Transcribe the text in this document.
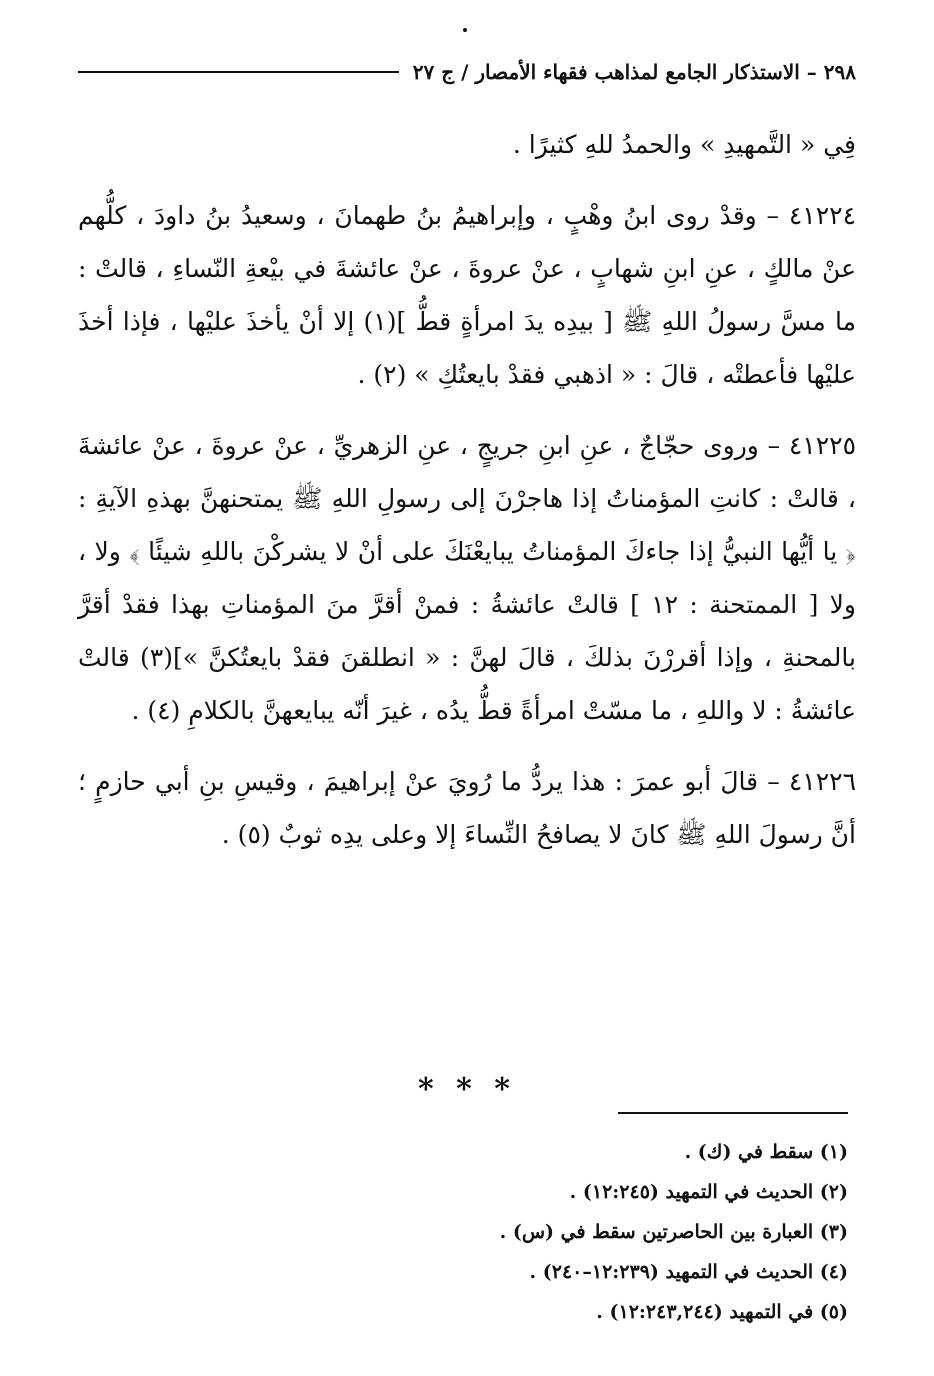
٢٩٨ – الاستذكار الجامع لمذاهب فقهاء الأمصار / ج ٢٧

فِي « التَّمهيدِ » والحمدُ للهِ كثيرًا .

٤١٢٢٤ – وقدْ روى ابنُ وهْبٍ ، وإبراهيمُ بنُ طهمانَ ، وسعيدُ بنُ داودَ ، كلُّهم عنْ مالكٍ ، عنِ ابنِ شهابٍ ، عنْ عروةَ ، عنْ عائشةَ في بيْعةِ النّساءِ ، قالتْ : ما مسَّ رسولُ اللهِ ﷺ [ بيدِه يدَ امرأةٍ قطُّ ](١) إلا أنْ يأخذَ عليْها ، فإذا أخذَ عليْها فأعطتْه ، قالَ : « اذهبي فقدْ بايعتُكِ » (٢) .

٤١٢٢٥ – وروى حجّاجٌ ، عنِ ابنِ جريجٍ ، عنِ الزهريِّ ، عنْ عروةَ ، عنْ عائشةَ ، قالتْ : كانتِ المؤمناتُ إذا هاجرْنَ إلى رسولِ اللهِ ﷺ يمتحنهنَّ بهذهِ الآيةِ : ﴿ يا أيُّها النبيُّ إذا جاءكَ المؤمناتُ يبايعْنَكَ على أنْ لا يشركْنَ باللهِ شيئًا ﴾ ولا ، ولا [ الممتحنة : ١٢ ] قالتْ عائشةُ : فمنْ أقرَّ منَ المؤمناتِ بهذا فقدْ أقرَّ بالمحنةِ ، وإذا أقررْنَ بذلكَ ، قالَ لهنَّ : « انطلقنَ فقدْ بايعتُكنَّ »](٣) قالتْ عائشةُ : لا واللهِ ، ما مسّتْ امرأةً قطُّ يدُه ، غيرَ أنّه يبايعهنَّ بالكلامِ (٤) .

٤١٢٢٦ – قالَ أبو عمرَ : هذا يردُّ ما رُويَ عنْ إبراهيمَ ، وقيسِ بنِ أبي حازمٍ ؛ أنَّ رسولَ اللهِ ﷺ كانَ لا يصافحُ النِّساءَ إلا وعلى يدِه ثوبٌ (٥) .

* * *

(١) سقط في (ك) .

(٢) الحديث في التمهيد (١٢:٢٤٥) .

(٣) العبارة بين الحاصرتين سقط في (س) .

(٤) الحديث في التمهيد (١٢:٢٣٩–٢٤٠) .

(٥) في التمهيد (١٢:٢٤٣,٢٤٤) .
